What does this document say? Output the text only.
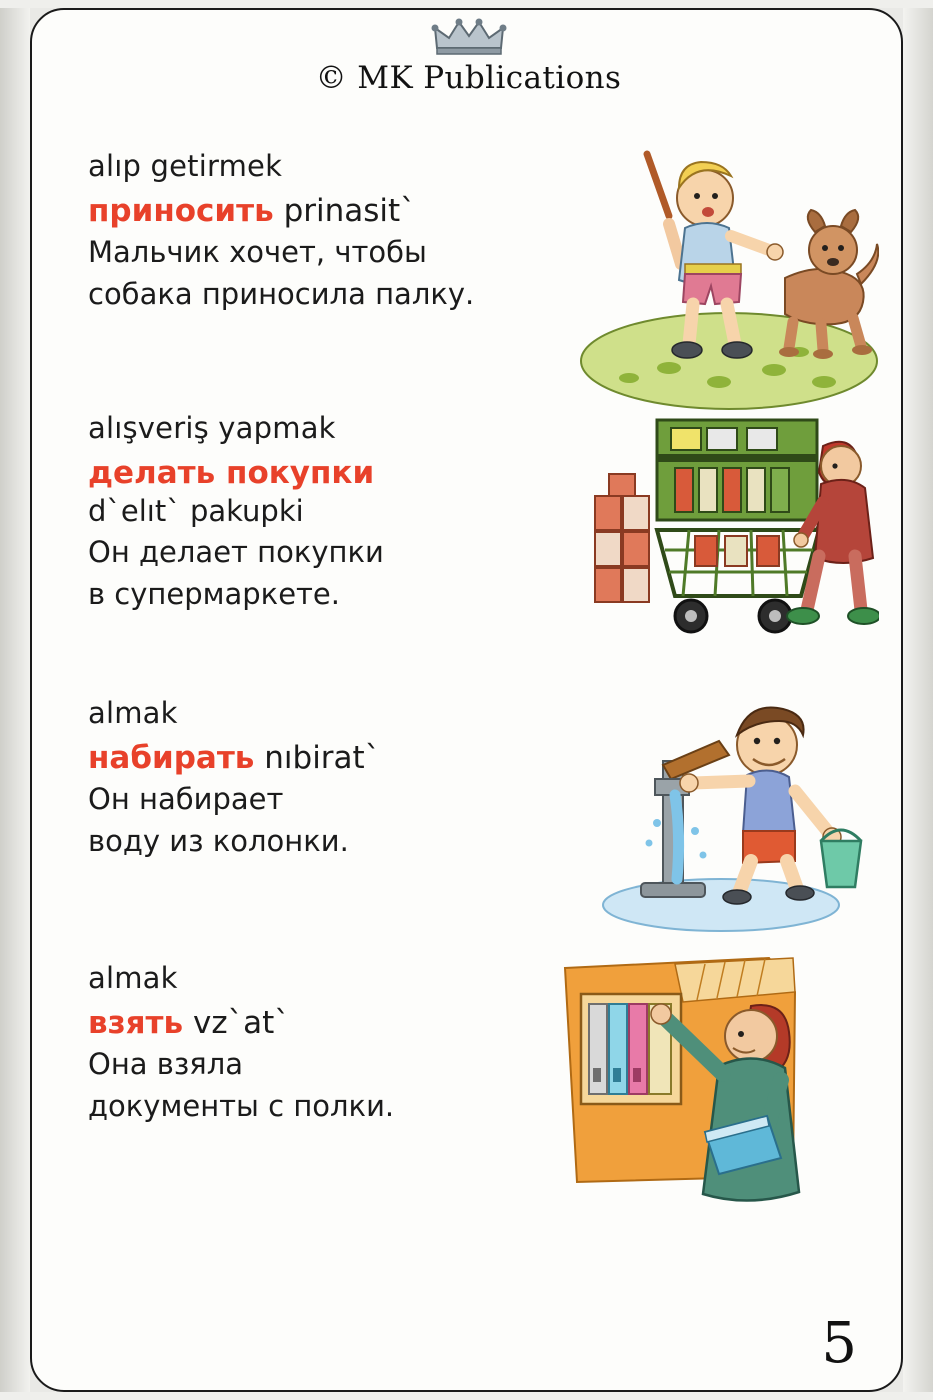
© MK Publications
alıp getirmek
приносить prinasit`
Мальчик хочет, чтобы
собака приносила палку.
alışveriş yapmak
делать покупки
d`elıt` pakupki
Он делает покупки
в супермаркете.
almak
набирать nıbirat`
Он набирает
воду из колонки.
almak
взять vz`at`
Она взяла
документы с полки.
5
